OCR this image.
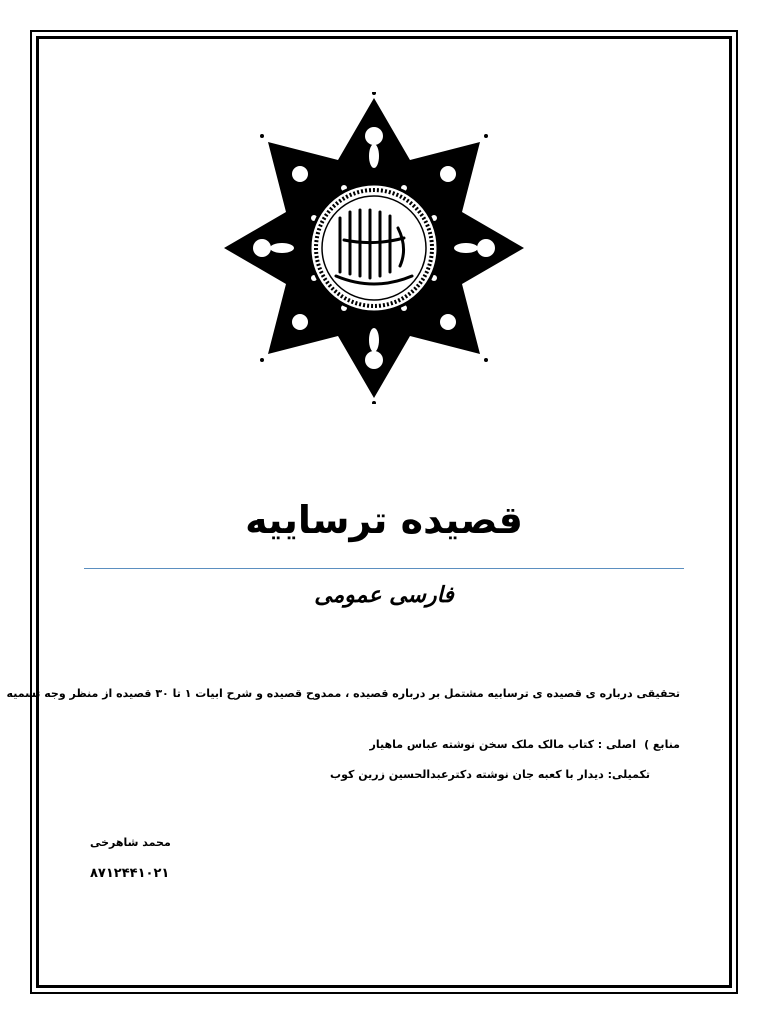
قصیده ترساییه
فارسی عمومی

تحقیقی درباره ی قصیده ی ترسابیه مشتمل بر درباره قصیده ، ممدوح قصیده و شرح ابیات ۱ تا ۳۰ قصیده از منظر وجه تسمیه

منابع )اصلی : کتاب مالک ملک سخن نوشته عباس ماهیار
تکمیلی: دیدار با کعبه جان نوشته دکترعبدالحسین زرین کوب
محمد شاهرخی
۸۷۱۲۴۴۱۰۲۱
